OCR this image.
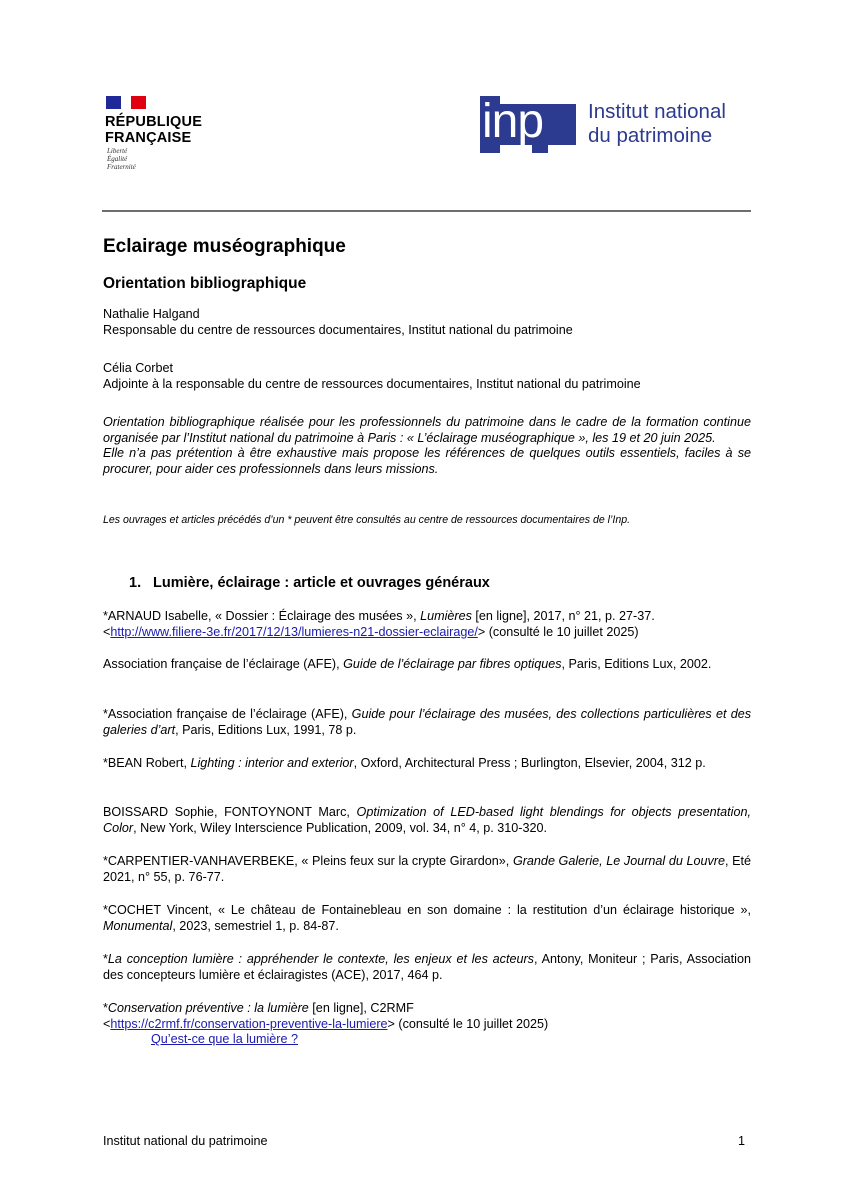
RÉPUBLIQUE
FRANÇAISE
Liberté
Égalité
Fraternité
inp Institut national
du patrimoine
Eclairage muséographique
Orientation bibliographique
Nathalie Halgand
Responsable du centre de ressources documentaires, Institut national du patrimoine
Célia Corbet
Adjointe à la responsable du centre de ressources documentaires, Institut national du patrimoine
Orientation bibliographique réalisée pour les professionnels du patrimoine dans le cadre de la formation continue organisée par l’Institut national du patrimoine à Paris : « L’éclairage muséographique », les 19 et 20 juin 2025.
Elle n’a pas prétention à être exhaustive mais propose les références de quelques outils essentiels, faciles à se procurer, pour aider ces professionnels dans leurs missions.
Les ouvrages et articles précédés d’un * peuvent être consultés au centre de ressources documentaires de l’Inp.
1. Lumière, éclairage : article et ouvrages généraux
*ARNAUD Isabelle, « Dossier : Éclairage des musées », Lumières [en ligne], 2017, n° 21, p. 27-37.
<http://www.filiere-3e.fr/2017/12/13/lumieres-n21-dossier-eclairage/> (consulté le 10 juillet 2025)
Association française de l’éclairage (AFE), Guide de l’éclairage par fibres optiques, Paris, Editions Lux, 2002.
*Association française de l’éclairage (AFE), Guide pour l’éclairage des musées, des collections particulières et des galeries d’art, Paris, Editions Lux, 1991, 78 p.
*BEAN Robert, Lighting : interior and exterior, Oxford, Architectural Press ; Burlington, Elsevier, 2004, 312 p.
BOISSARD Sophie, FONTOYNONT Marc, Optimization of LED-based light blendings for objects presentation, Color, New York, Wiley Interscience Publication, 2009, vol. 34, n° 4, p. 310-320.
*CARPENTIER-VANHAVERBEKE, « Pleins feux sur la crypte Girardon», Grande Galerie, Le Journal du Louvre, Eté 2021, n° 55, p. 76-77.
*COCHET Vincent, « Le château de Fontainebleau en son domaine : la restitution d’un éclairage historique », Monumental, 2023, semestriel 1, p. 84-87.
*La conception lumière : appréhender le contexte, les enjeux et les acteurs, Antony, Moniteur ; Paris, Association des concepteurs lumière et éclairagistes (ACE), 2017, 464 p.
*Conservation préventive : la lumière [en ligne], C2RMF
<https://c2rmf.fr/conservation-preventive-la-lumiere> (consulté le 10 juillet 2025)
Qu’est-ce que la lumière ?
Institut national du patrimoine	1
